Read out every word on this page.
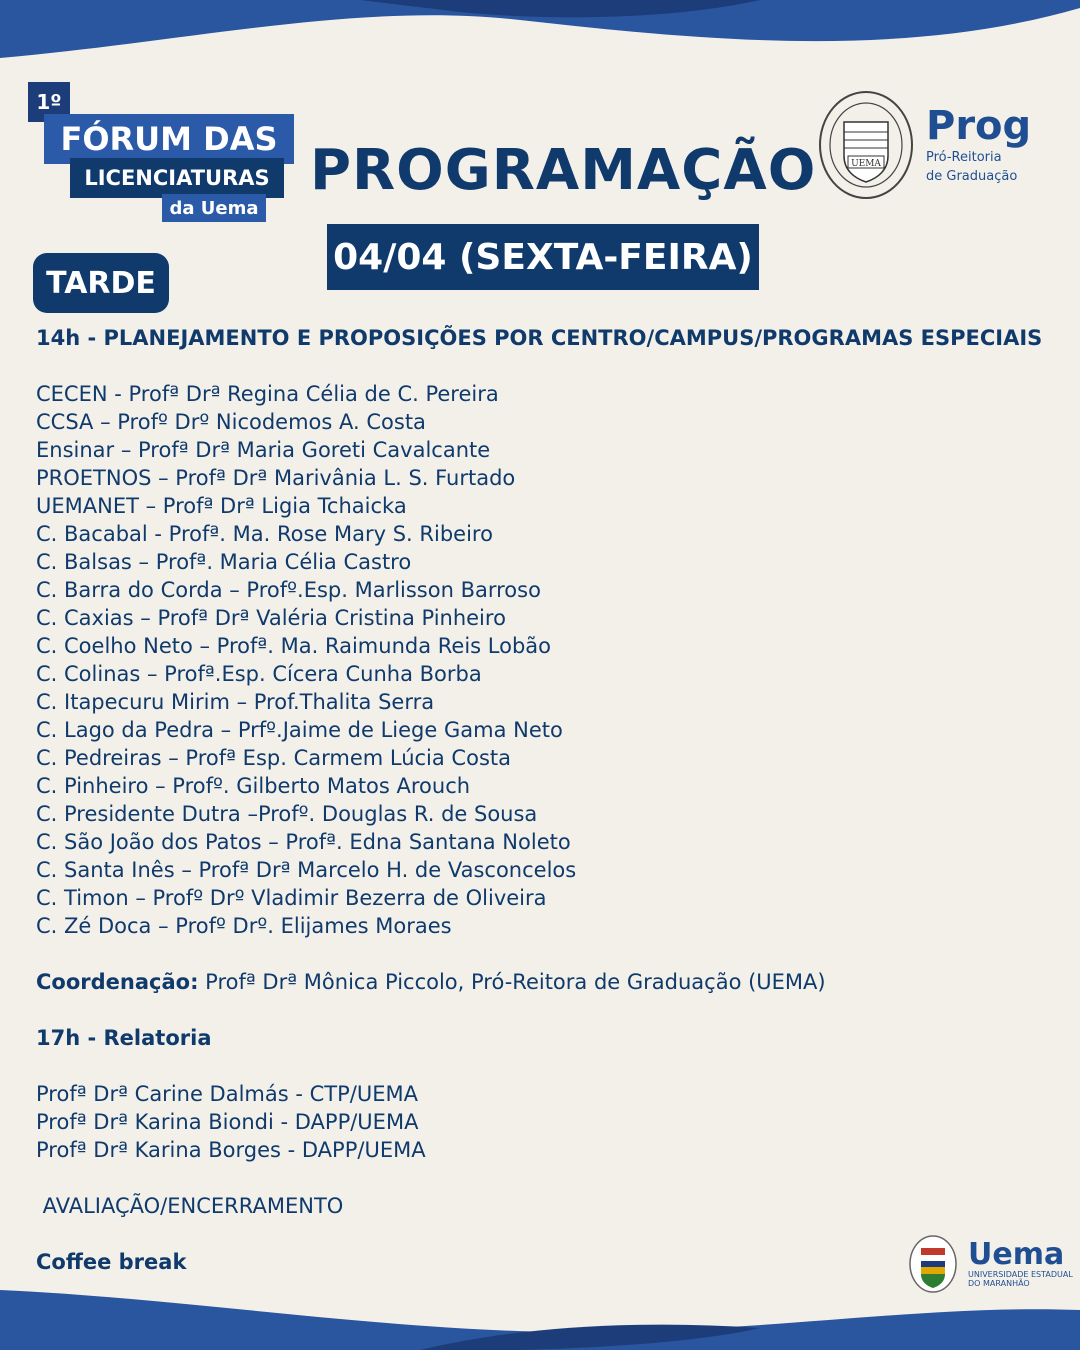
1º
FÓRUM DAS
LICENCIATURAS
da Uema
PROGRAMAÇÃO
04/04 (SEXTA-FEIRA)
TARDE
UEMA
Prog
Pró-Reitoria
de Graduação
14h - PLANEJAMENTO E PROPOSIÇÕES POR CENTRO/CAMPUS/PROGRAMAS ESPECIAIS
CECEN - Profª Drª Regina Célia de C. Pereira
CCSA – Profº Drº Nicodemos A. Costa
Ensinar – Profª Drª Maria Goreti Cavalcante
PROETNOS – Profª Drª Marivânia L. S. Furtado
UEMANET – Profª Drª Ligia Tchaicka
C. Bacabal - Profª. Ma. Rose Mary S. Ribeiro
C. Balsas – Profª. Maria Célia Castro
C. Barra do Corda – Profº.Esp. Marlisson Barroso
C. Caxias – Profª Drª Valéria Cristina Pinheiro
C. Coelho Neto – Profª. Ma. Raimunda Reis Lobão
C. Colinas – Profª.Esp. Cícera Cunha Borba
C. Itapecuru Mirim – Prof.Thalita Serra
C. Lago da Pedra – Prfº.Jaime de Liege Gama Neto
C. Pedreiras – Profª Esp. Carmem Lúcia Costa
C. Pinheiro – Profº. Gilberto Matos Arouch
C. Presidente Dutra –Profº. Douglas R. de Sousa
C. São João dos Patos – Profª. Edna Santana Noleto
C. Santa Inês – Profª Drª Marcelo H. de Vasconcelos
C. Timon – Profº Drº Vladimir Bezerra de Oliveira
C. Zé Doca – Profº Drº. Elijames Moraes
Coordenação: Profª Drª Mônica Piccolo, Pró-Reitora de Graduação (UEMA)
17h - Relatoria
Profª Drª Carine Dalmás - CTP/UEMA
Profª Drª Karina Biondi - DAPP/UEMA
Profª Drª Karina Borges - DAPP/UEMA
AVALIAÇÃO/ENCERRAMENTO
Coffee break	Uema
UNIVERSIDADE ESTADUAL
DO MARANHÃO
